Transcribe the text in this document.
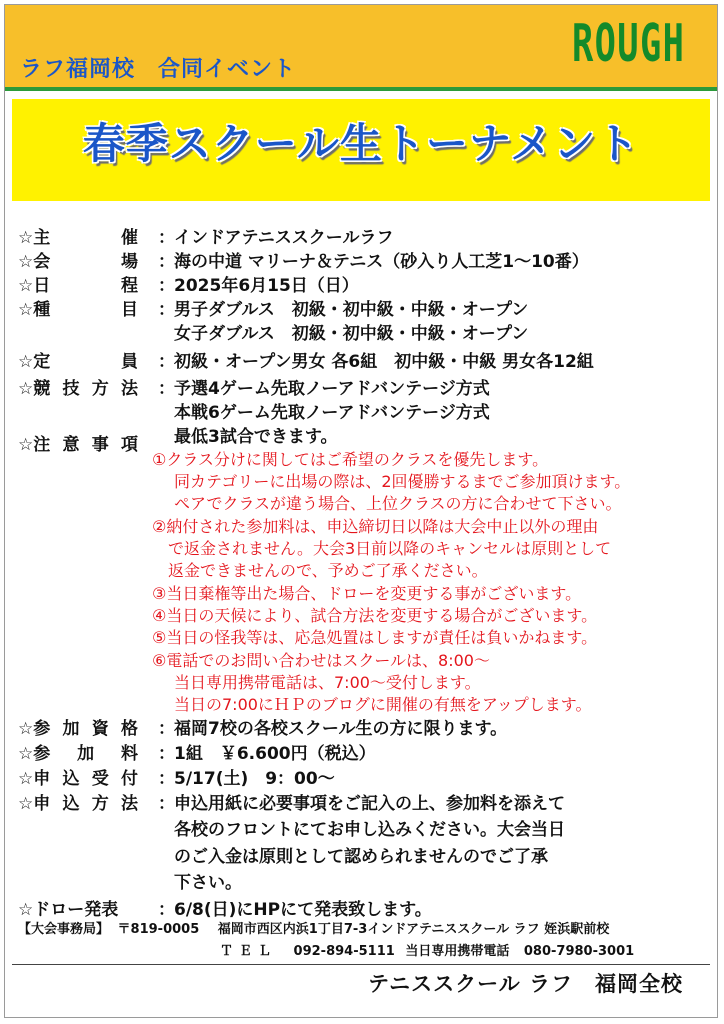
ラフ福岡校　合同イベント	ROUGH
春季スクール生トーナメント
☆主	催 ： インドアテニススクールラフ
☆会	場 ： 海の中道 マリーナ＆テニス（砂入り人工芝1～10番）
☆日	程 ： 2025年6月15日（日）
☆種	目 ： 男子ダブルス　初級・初中級・中級・オープン
女子ダブルス　初級・初中級・中級・オープン
☆定	員 ： 初級・オープン男女 各6組　初中級・中級 男女各12組
☆競 技 方 法 ： 予選4ゲーム先取ノーアドバンテージ方式
本戦6ゲーム先取ノーアドバンテージ方式
最低3試合できます。
☆注 意 事 項
①クラス分けに関してはご希望のクラスを優先します。
同カテゴリーに出場の際は、2回優勝するまでご参加頂けます。
ペアでクラスが違う場合、上位クラスの方に合わせて下さい。
②納付された参加料は、申込締切日以降は大会中止以外の理由
で返金されません。大会3日前以降のキャンセルは原則として
返金できませんので、予めご了承ください。
③当日棄権等出た場合、ドローを変更する事がございます。
④当日の天候により、試合方法を変更する場合がございます。
⑤当日の怪我等は、応急処置はしますが責任は負いかねます。
⑥電話でのお問い合わせはスクールは、8:00～
当日専用携帯電話は、7:00～受付します。
当日の7:00にＨＰのブログに開催の有無をアップします。
☆参 加 資 格 ： 福岡7校の各校スクール生の方に限ります。
☆参 加 料 ： 1組　￥6.600円（税込）
☆申 込 受 付 ： 5/17(土)　9：00～
☆申 込 方 法 ： 申込用紙に必要事項をご記入の上、参加料を添えて
各校のフロントにてお申し込みください。大会当日
のご入金は原則として認められませんのでご了承
下さい。
☆ドロー発表 ： 6/8(日)にHPにて発表致します。
【大会事務局】 〒819-0005 福岡市西区内浜1丁目7-3インドアテニススクール ラフ 姪浜駅前校
ＴＥＬ 092-894-5111 当日専用携帯電話 080-7980-3001
テニススクール ラフ　福岡全校
